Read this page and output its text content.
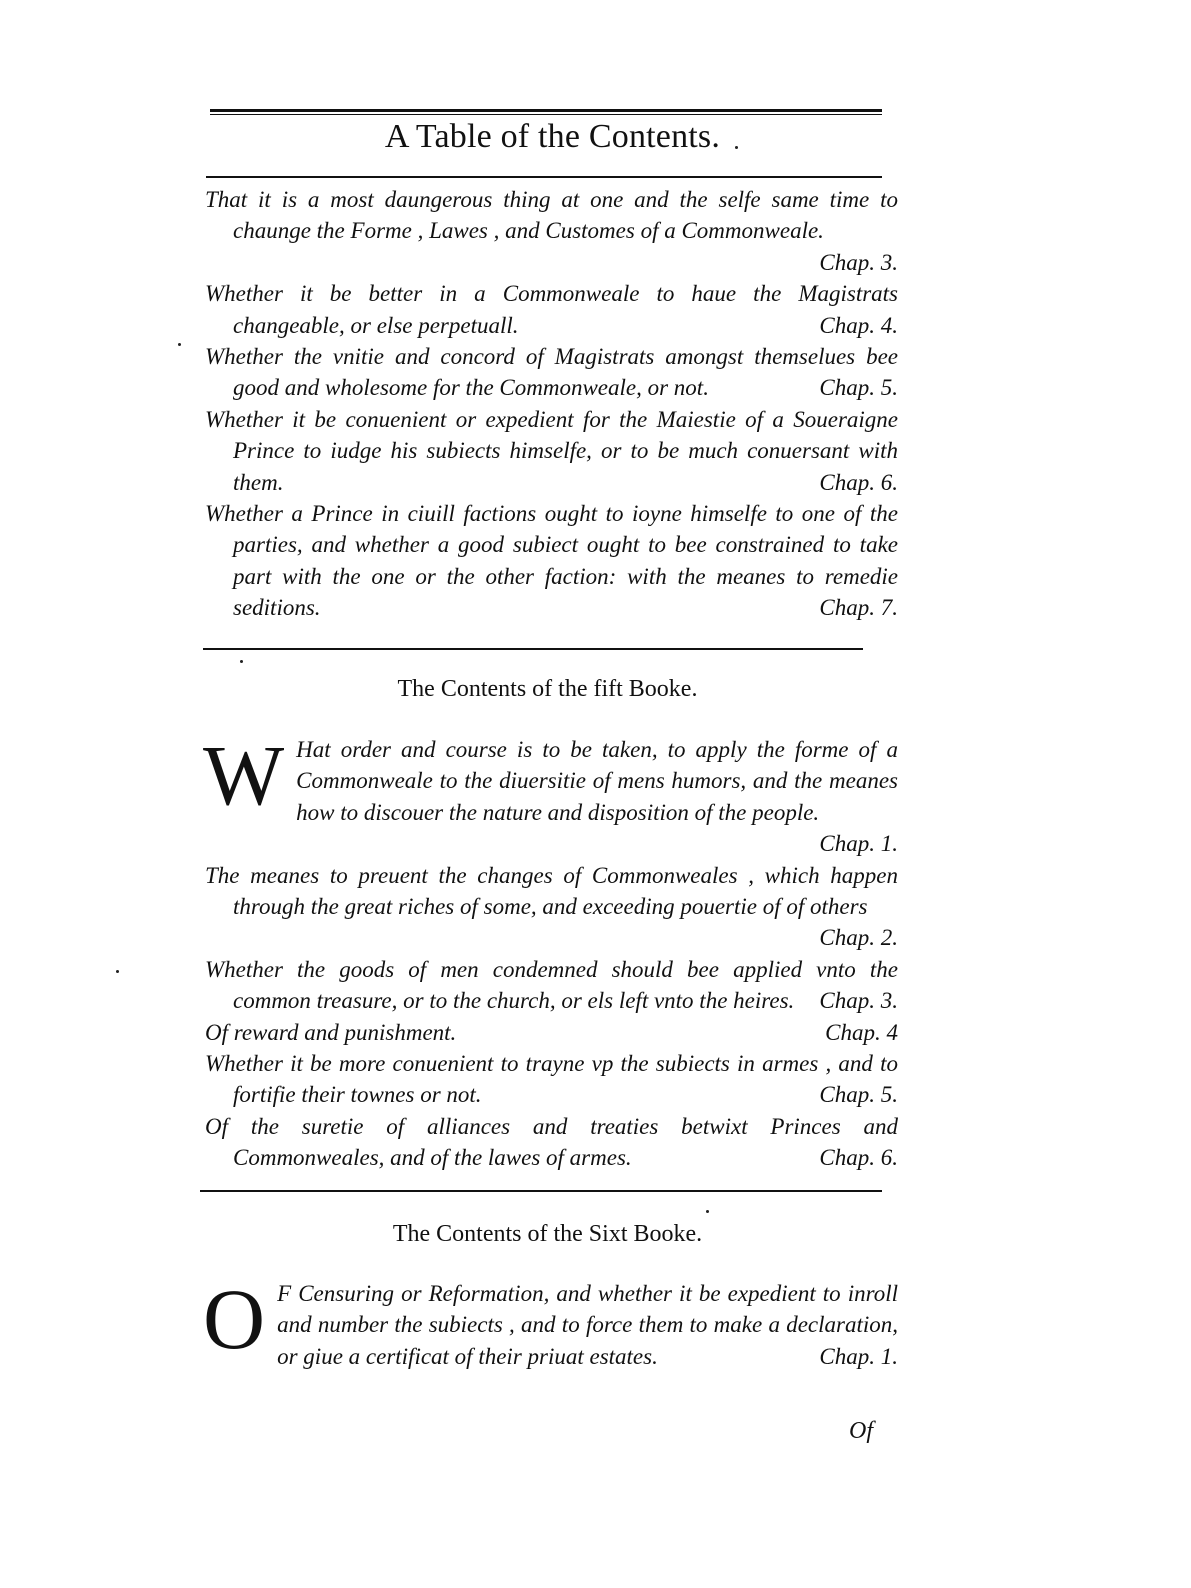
A Table of the Contents.

That it is a most daungerous thing at one and the selfe same time to chaunge the Forme , Lawes , and Customes of a Commonweale.
Chap. 3.

Whether it be better in a Commonweale to haue the Magistrats changeable, or else perpetuall.	Chap. 4.

Whether the vnitie and concord of Magistrats amongst themselues bee good and wholesome for the Commonweale, or not.	Chap. 5.

Whether it be conuenient or expedient for the Maiestie of a Soueraigne Prince to iudge his subiects himselfe, or to be much conuersant with them.	Chap. 6.

Whether a Prince in ciuill factions ought to ioyne himselfe to one of the parties, and whether a good subiect ought to bee constrained to take part with the one or the other faction: with the meanes to remedie seditions.	Chap. 7.

The Contents of the fift Booke.

W Hat order and course is to be taken, to apply the forme of a Commonweale to the diuersitie of mens humors, and the meanes how to discouer the nature and disposition of the people.
Chap. 1.

The meanes to preuent the changes of Commonweales , which happen through the great riches of some, and exceeding pouertie of of others
Chap. 2.

Whether the goods of men condemned should bee applied vnto the common treasure, or to the church, or els left vnto the heires.	Chap. 3.

Of reward and punishment.	Chap. 4

Whether it be more conuenient to trayne vp the subiects in armes , and to fortifie their townes or not.	Chap. 5.

Of the suretie of alliances and treaties betwixt Princes and Commonweales, and of the lawes of armes.	Chap. 6.

The Contents of the Sixt Booke.

O F Censuring or Reformation, and whether it be expedient to inroll and number the subiects , and to force them to make a declaration, or giue a certificat of their priuat estates.	Chap. 1.

Of
